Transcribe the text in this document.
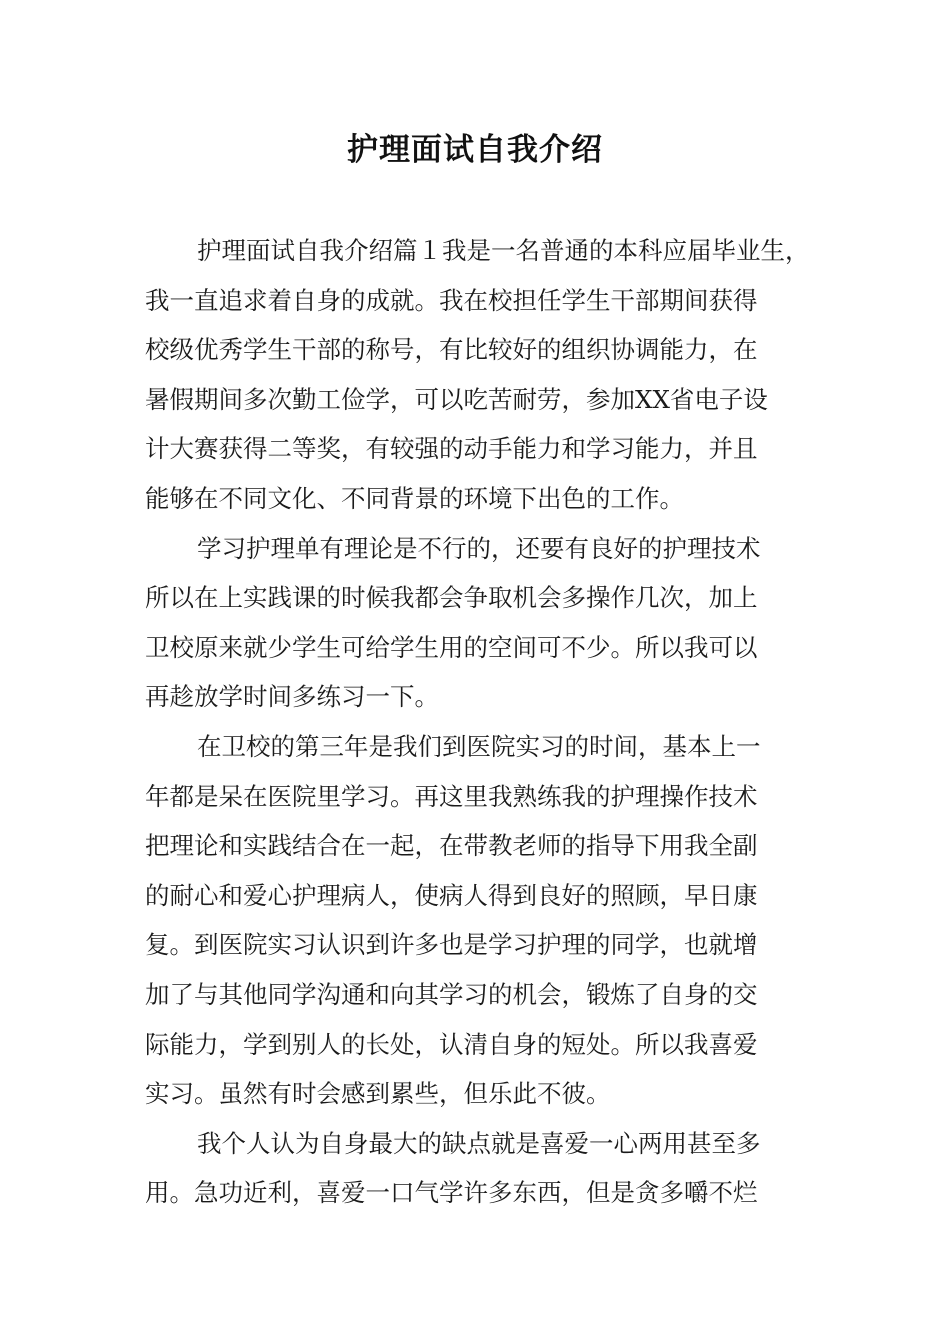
护理面试自我介绍
护理面试自我介绍篇１我是一名普通的本科应届毕业生，
我一直追求着自身的成就。我在校担任学生干部期间获得
校级优秀学生干部的称号，有比较好的组织协调能力，在
暑假期间多次勤工俭学，可以吃苦耐劳，参加XX省电子设
计大赛获得二等奖，有较强的动手能力和学习能力，并且
能够在不同文化、不同背景的环境下出色的工作。
学习护理单有理论是不行的，还要有良好的护理技术
所以在上实践课的时候我都会争取机会多操作几次，加上
卫校原来就少学生可给学生用的空间可不少。所以我可以
再趁放学时间多练习一下。
在卫校的第三年是我们到医院实习的时间，基本上一
年都是呆在医院里学习。再这里我熟练我的护理操作技术
把理论和实践结合在一起，在带教老师的指导下用我全副
的耐心和爱心护理病人，使病人得到良好的照顾，早日康
复。到医院实习认识到许多也是学习护理的同学，也就增
加了与其他同学沟通和向其学习的机会，锻炼了自身的交
际能力，学到别人的长处，认清自身的短处。所以我喜爱
实习。虽然有时会感到累些，但乐此不彼。
我个人认为自身最大的缺点就是喜爱一心两用甚至多
用。急功近利，喜爱一口气学许多东西，但是贪多嚼不烂
